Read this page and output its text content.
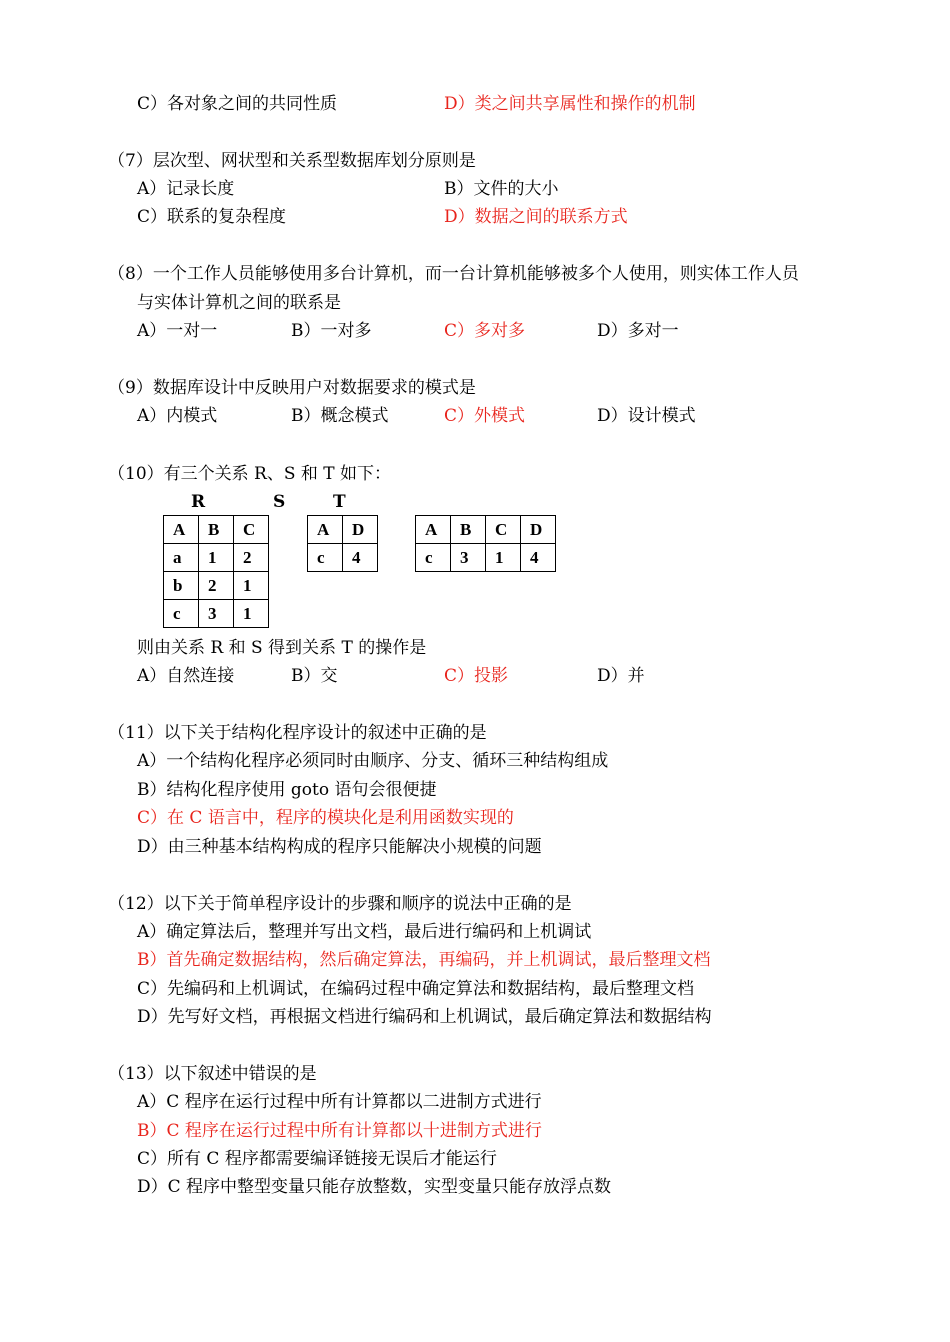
C）各对象之间的共同性质	D）类之间共享属性和操作的机制
（7）层次型、网状型和关系型数据库划分原则是
A）记录长度	B）文件的大小
C）联系的复杂程度	D）数据之间的联系方式
（8）一个工作人员能够使用多台计算机，而一台计算机能够被多个人使用，则实体工作人员
与实体计算机之间的联系是
A）一对一	B）一对多	C）多对多	D）多对一
（9）数据库设计中反映用户对数据要求的模式是
A）内模式	B）概念模式	C）外模式	D）设计模式
（10）有三个关系 R、S 和 T 如下：
R	S	T
A	B	C
a	1	2
b	2	1
c	3	1
A	D
c	4
A	B	C	D
c	3	1	4
则由关系 R 和 S 得到关系 T 的操作是
A）自然连接	B）交	C）投影	D）并
（11）以下关于结构化程序设计的叙述中正确的是
A）一个结构化程序必须同时由顺序、分支、循环三种结构组成
B）结构化程序使用 goto 语句会很便捷
C）在 C 语言中，程序的模块化是利用函数实现的
D）由三种基本结构构成的程序只能解决小规模的问题
（12）以下关于简单程序设计的步骤和顺序的说法中正确的是
A）确定算法后，整理并写出文档，最后进行编码和上机调试
B）首先确定数据结构，然后确定算法，再编码，并上机调试，最后整理文档
C）先编码和上机调试，在编码过程中确定算法和数据结构，最后整理文档
D）先写好文档，再根据文档进行编码和上机调试，最后确定算法和数据结构
（13）以下叙述中错误的是
A）C 程序在运行过程中所有计算都以二进制方式进行
B）C 程序在运行过程中所有计算都以十进制方式进行
C）所有 C 程序都需要编译链接无误后才能运行
D）C 程序中整型变量只能存放整数，实型变量只能存放浮点数
